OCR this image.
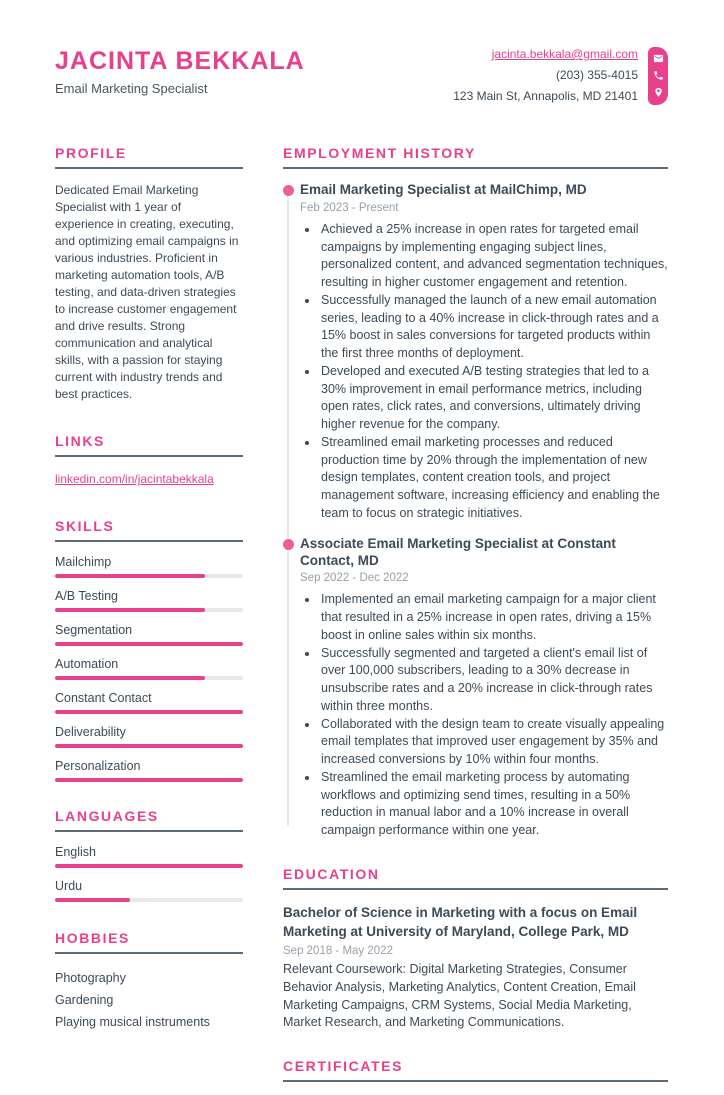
JACINTA BEKKALA
Email Marketing Specialist
jacinta.bekkala@gmail.com
(203) 355-4015
123 Main St, Annapolis, MD 21401
PROFILE

Dedicated Email Marketing Specialist with 1 year of experience in creating, executing, and optimizing email campaigns in various industries. Proficient in marketing automation tools, A/B testing, and data-driven strategies to increase customer engagement and drive results. Strong communication and analytical skills, with a passion for staying current with industry trends and best practices.

LINKS
linkedin.com/in/jacintabekkala
SKILLS
Mailchimp
A/B Testing
Segmentation
Automation
Constant Contact
Deliverability
Personalization
LANGUAGES
English
Urdu
HOBBIES
Photography
Gardening
Playing musical instruments
EMPLOYMENT HISTORY
Email Marketing Specialist at MailChimp, MD
Feb 2023 - Present
• Achieved a 25% increase in open rates for targeted email campaigns by implementing engaging subject lines, personalized content, and advanced segmentation techniques, resulting in higher customer engagement and retention.
• Successfully managed the launch of a new email automation series, leading to a 40% increase in click-through rates and a 15% boost in sales conversions for targeted products within the first three months of deployment.
• Developed and executed A/B testing strategies that led to a 30% improvement in email performance metrics, including open rates, click rates, and conversions, ultimately driving higher revenue for the company.
• Streamlined email marketing processes and reduced production time by 20% through the implementation of new design templates, content creation tools, and project management software, increasing efficiency and enabling the team to focus on strategic initiatives.
Associate Email Marketing Specialist at Constant Contact, MD
Sep 2022 - Dec 2022
• Implemented an email marketing campaign for a major client that resulted in a 25% increase in open rates, driving a 15% boost in online sales within six months.
• Successfully segmented and targeted a client's email list of over 100,000 subscribers, leading to a 30% decrease in unsubscribe rates and a 20% increase in click-through rates within three months.
• Collaborated with the design team to create visually appealing email templates that improved user engagement by 35% and increased conversions by 10% within four months.
• Streamlined the email marketing process by automating workflows and optimizing send times, resulting in a 50% reduction in manual labor and a 10% increase in overall campaign performance within one year.
EDUCATION

Bachelor of Science in Marketing with a focus on Email Marketing at University of Maryland, College Park, MD

Sep 2018 - May 2022

Relevant Coursework: Digital Marketing Strategies, Consumer Behavior Analysis, Marketing Analytics, Content Creation, Email Marketing Campaigns, CRM Systems, Social Media Marketing, Market Research, and Marketing Communications.

CERTIFICATES
